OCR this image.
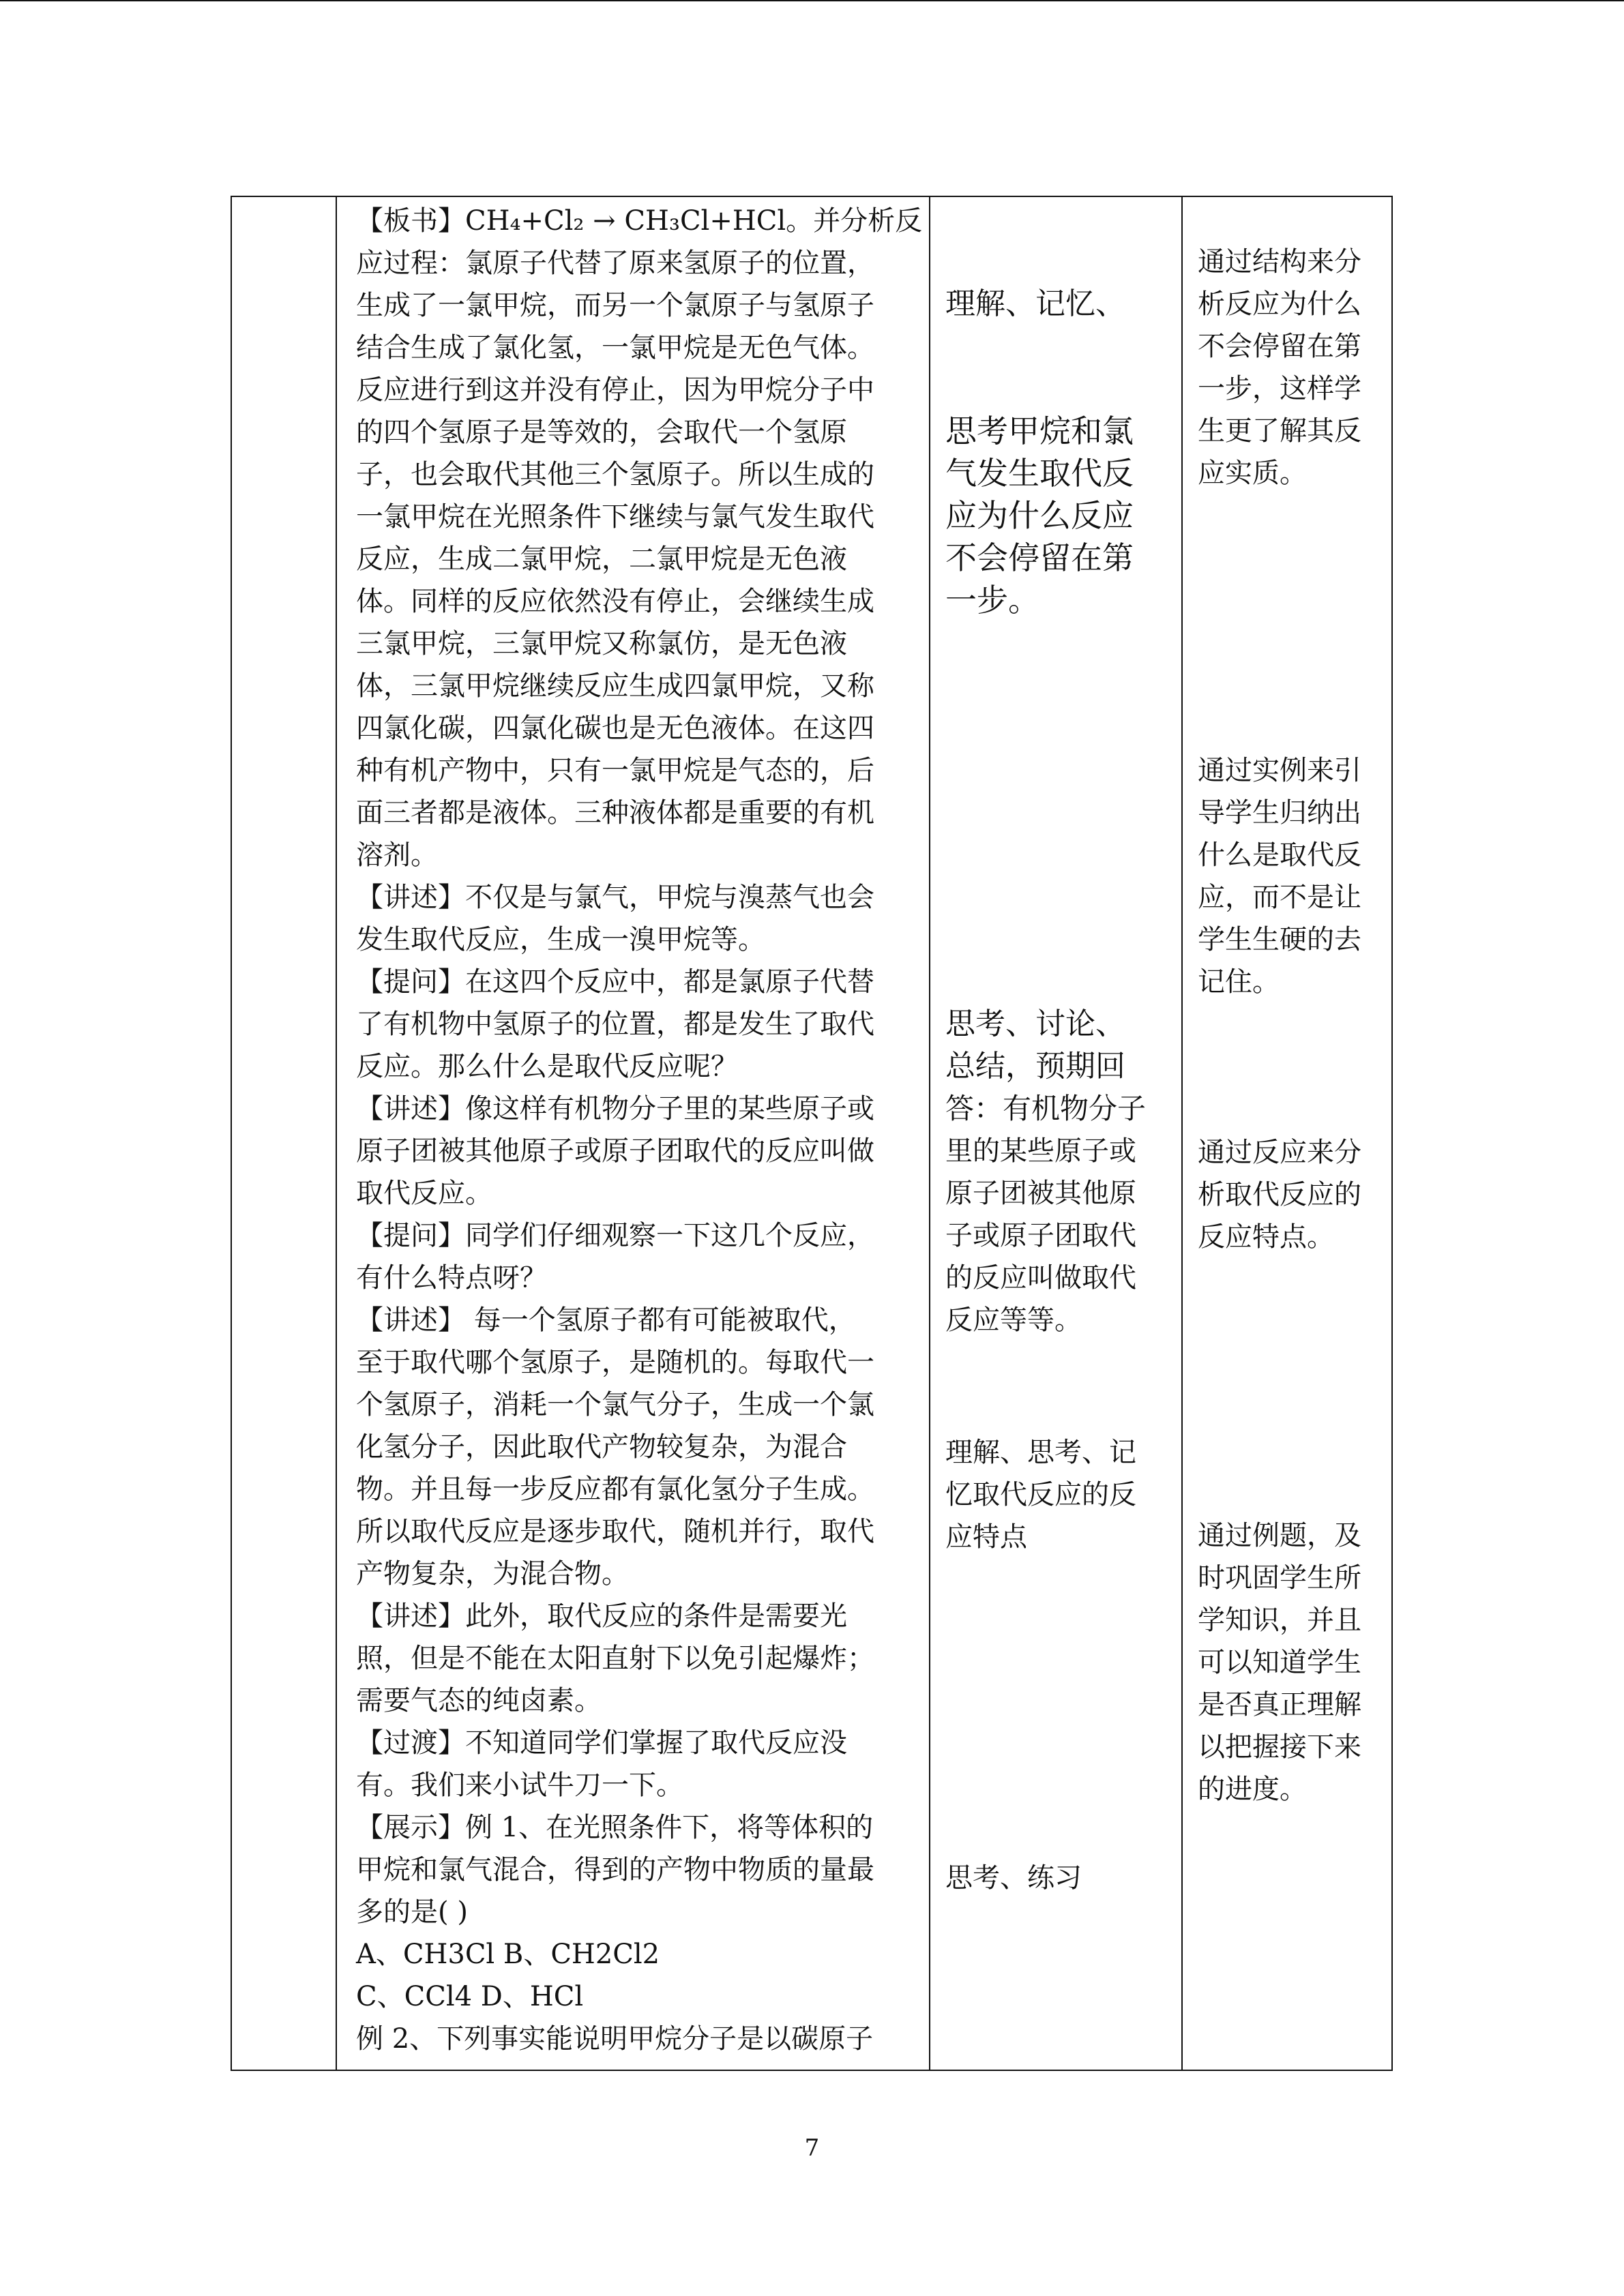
【板书】CH₄+Cl₂ → CH₃Cl+HCl。并分析反
应过程：氯原子代替了原来氢原子的位置，
生成了一氯甲烷，而另一个氯原子与氢原子
结合生成了氯化氢，一氯甲烷是无色气体。
反应进行到这并没有停止，因为甲烷分子中
的四个氢原子是等效的，会取代一个氢原
子，也会取代其他三个氢原子。所以生成的
一氯甲烷在光照条件下继续与氯气发生取代
反应，生成二氯甲烷，二氯甲烷是无色液
体。同样的反应依然没有停止，会继续生成
三氯甲烷，三氯甲烷又称氯仿，是无色液
体，三氯甲烷继续反应生成四氯甲烷，又称
四氯化碳，四氯化碳也是无色液体。在这四
种有机产物中，只有一氯甲烷是气态的，后
面三者都是液体。三种液体都是重要的有机
溶剂。
【讲述】不仅是与氯气，甲烷与溴蒸气也会
发生取代反应，生成一溴甲烷等。
【提问】在这四个反应中，都是氯原子代替
了有机物中氢原子的位置，都是发生了取代
反应。那么什么是取代反应呢？
【讲述】像这样有机物分子里的某些原子或
原子团被其他原子或原子团取代的反应叫做
取代反应。
【提问】同学们仔细观察一下这几个反应，
有什么特点呀？
【讲述】 每一个氢原子都有可能被取代，
至于取代哪个氢原子，是随机的。每取代一
个氢原子，消耗一个氯气分子，生成一个氯
化氢分子，因此取代产物较复杂，为混合
物。并且每一步反应都有氯化氢分子生成。
所以取代反应是逐步取代，随机并行，取代
产物复杂，为混合物。
【讲述】此外，取代反应的条件是需要光
照，但是不能在太阳直射下以免引起爆炸；
需要气态的纯卤素。
【过渡】不知道同学们掌握了取代反应没
有。我们来小试牛刀一下。
【展示】例 1、在光照条件下，将等体积的
甲烷和氯气混合，得到的产物中物质的量最
多的是( )
A、CH3Cl B、CH2Cl2
C、CCl4 D、HCl
例 2、下列事实能说明甲烷分子是以碳原子
理解、记忆、
思考甲烷和氯
气发生取代反
应为什么反应
不会停留在第
一步。
思考、讨论、
总结，预期回
答：有机物分子
里的某些原子或
原子团被其他原
子或原子团取代
的反应叫做取代
反应等等。
理解、思考、记
忆取代反应的反
应特点
思考、练习
通过结构来分
析反应为什么
不会停留在第
一步，这样学
生更了解其反
应实质。
通过实例来引
导学生归纳出
什么是取代反
应，而不是让
学生生硬的去
记住。
通过反应来分
析取代反应的
反应特点。
通过例题，及
时巩固学生所
学知识，并且
可以知道学生
是否真正理解
以把握接下来
的进度。
7
